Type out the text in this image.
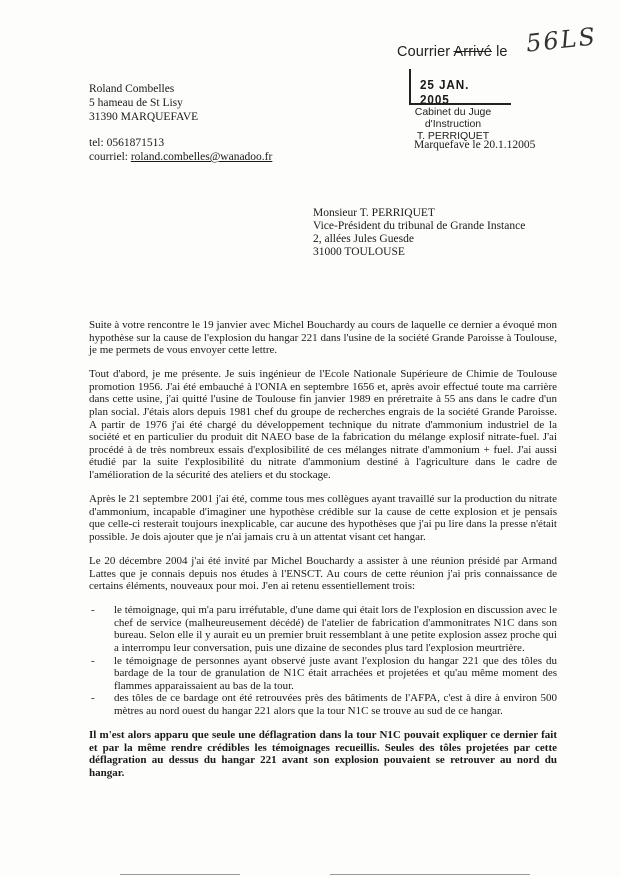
Courrier Arrivé le 56LS
25 JAN. 2005
Cabinet du Juge d'Instruction
T. PERRIQUET
Roland Combelles
5 hameau de St Lisy
31390 MARQUEFAVE
tel: 0561871513
courriel: roland.combelles@wanadoo.fr
Marquefave le 20.1.12005
Monsieur T. PERRIQUET
Vice-Président du tribunal de Grande Instance
2, allées Jules Guesde
31000 TOULOUSE

Suite à votre rencontre le 19 janvier avec Michel Bouchardy au cours de laquelle ce dernier a évoqué mon hypothèse sur la cause de l'explosion du hangar 221 dans l'usine de la société Grande Paroisse à Toulouse, je me permets de vous envoyer cette lettre.

Tout d'abord, je me présente. Je suis ingénieur de l'Ecole Nationale Supérieure de Chimie de Toulouse promotion 1956. J'ai été embauché à l'ONIA en septembre 1656 et, après avoir effectué toute ma carrière dans cette usine, j'ai quitté l'usine de Toulouse fin janvier 1989 en préretraite à 55 ans dans le cadre d'un plan social. J'étais alors depuis 1981 chef du groupe de recherches engrais de la société Grande Paroisse. A partir de 1976 j'ai été chargé du développement technique du nitrate d'ammonium industriel de la société et en particulier du produit dit NAEO base de la fabrication du mélange explosif nitrate-fuel. J'ai procédé à de très nombreux essais d'explosibilité de ces mélanges nitrate d'ammonium + fuel. J'ai aussi étudié par la suite l'explosibilité du nitrate d'ammonium destiné à l'agriculture dans le cadre de l'amélioration de la sécurité des ateliers et du stockage.

Après le 21 septembre 2001 j'ai été, comme tous mes collègues ayant travaillé sur la production du nitrate d'ammonium, incapable d'imaginer une hypothèse crédible sur la cause de cette explosion et je pensais que celle-ci resterait toujours inexplicable, car aucune des hypothèses que j'ai pu lire dans la presse n'était possible. Je dois ajouter que je n'ai jamais cru à un attentat visant cet hangar.

Le 20 décembre 2004 j'ai été invité par Michel Bouchardy a assister à une réunion présidé par Armand Lattes que je connais depuis nos études à l'ENSCT. Au cours de cette réunion j'ai pris connaissance de certains éléments, nouveaux pour moi. J'en ai retenu essentiellement trois:

- le témoignage, qui m'a paru irréfutable, d'une dame qui était lors de l'explosion en discussion avec le chef de service (malheureusement décédé) de l'atelier de fabrication d'ammonitrates N1C dans son bureau. Selon elle il y aurait eu un premier bruit ressemblant à une petite explosion assez proche qui a interrompu leur conversation, puis une dizaine de secondes plus tard l'explosion meurtrière.
- le témoignage de personnes ayant observé juste avant l'explosion du hangar 221 que des tôles du bardage de la tour de granulation de N1C était arrachées et projetées et qu'au même moment des flammes apparaissaient au bas de la tour.
- des tôles de ce bardage ont été retrouvées près des bâtiments de l'AFPA, c'est à dire à environ 500 mètres au nord ouest du hangar 221 alors que la tour N1C se trouve au sud de ce hangar.

Il m'est alors apparu que seule une déflagration dans la tour N1C pouvait expliquer ce dernier fait et par la même rendre crédibles les témoignages recueillis. Seules des tôles projetées par cette déflagration au dessus du hangar 221 avant son explosion pouvaient se retrouver au nord du hangar.
